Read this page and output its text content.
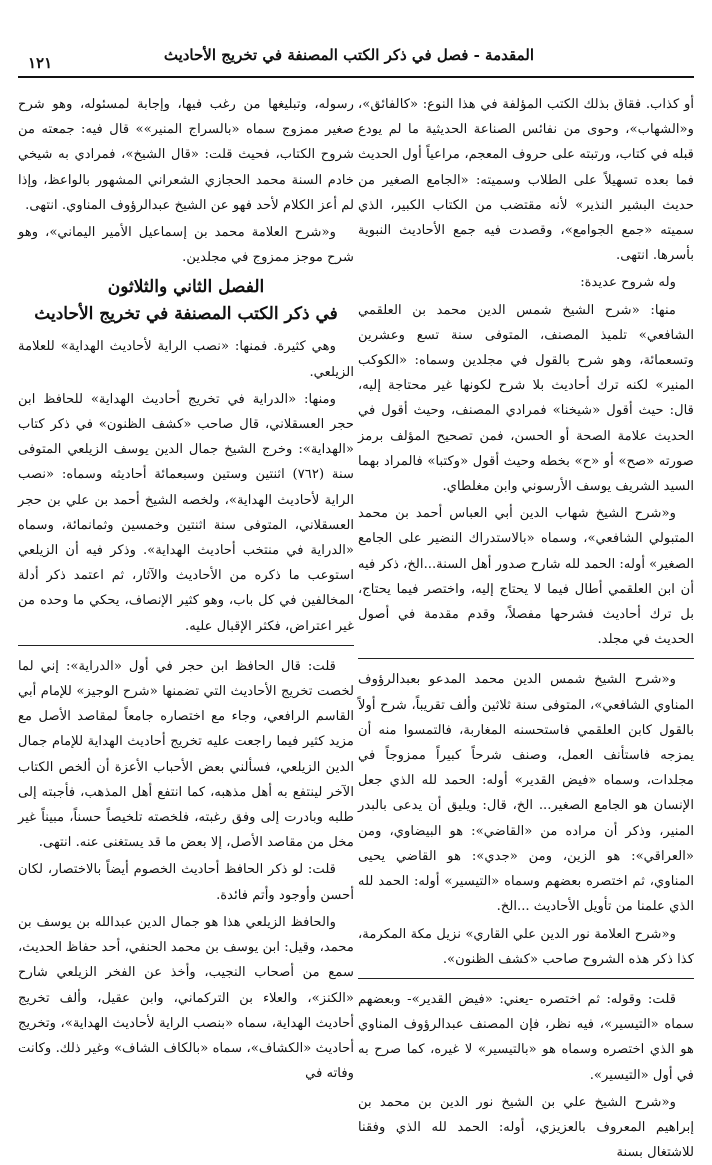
١٢١	المقدمة - فصل في ذكر الكتب المصنفة في تخريج الأحاديث

أو كذاب. فقاق بذلك الكتب المؤلفة في هذا النوع: «كالفائق»، و«الشهاب»، وحوى من نفائس الصناعة الحديثية ما لم يودع قبله في كتاب، ورتبته على حروف المعجم، مراعياً أول الحديث فما بعده تسهيلاً على الطلاب وسميته: «الجامع الصغير من حديث البشير النذير» لأنه مقتضب من الكتاب الكبير، الذي سميته «جمع الجوامع»، وقصدت فيه جمع الأحاديث النبوية بأسرها. انتهى.

وله شروح عديدة:

منها: «شرح الشيخ شمس الدين محمد بن العلقمي الشافعي» تلميذ المصنف، المتوفى سنة تسع وعشرين وتسعمائة، وهو شرح بالقول في مجلدين وسماه: «الكوكب المنير» لكنه ترك أحاديث بلا شرح لكونها غير محتاجة إليه، قال: حيث أقول «شيخنا» فمرادي المصنف، وحيث أقول في الحديث علامة الصحة أو الحسن، فمن تصحيح المؤلف برمز صورته «صح» أو «ح» بخطه وحيث أقول «وكتبا» فالمراد بهما السيد الشريف يوسف الأرسوني وابن مغلطاي.

و«شرح الشيخ شهاب الدين أبي العباس أحمد بن محمد المتبولي الشافعي»، وسماه «بالاستدراك النضير على الجامع الصغير» أوله: الحمد لله شارح صدور أهل السنة...الخ، ذكر فيه أن ابن العلقمي أطال فيما لا يحتاج إليه، واختصر فيما يحتاج، بل ترك أحاديث فشرحها مفصلاً، وقدم مقدمة في أصول الحديث في مجلد.

و«شرح الشيخ شمس الدين محمد المدعو بعبدالرؤوف المناوي الشافعي»، المتوفى سنة ثلاثين وألف تقريباً، شرح أولاً بالقول كابن العلقمي فاستحسنه المغاربة، فالتمسوا منه أن يمزجه فاستأنف العمل، وصنف شرحاً كبيراً ممزوجاً في مجلدات، وسماه «فيض القدير» أوله: الحمد لله الذي جعل الإنسان هو الجامع الصغير... الخ، قال: ويليق أن يدعى بالبدر المنير، وذكر أن مراده من «القاضي»: هو البيضاوي، ومن «العراقي»: هو الزين، ومن «جدي»: هو القاضي يحيى المناوي، ثم اختصره بعضهم وسماه «التيسير» أوله: الحمد لله الذي علمنا من تأويل الأحاديث ...الخ.

و«شرح العلامة نور الدين علي القاري» نزيل مكة المكرمة، كذا ذكر هذه الشروح صاحب «كشف الظنون».

قلت: وقوله: ثم اختصره -يعني: «فيض القدير»- وبعضهم سماه «التيسير»، فيه نظر، فإن المصنف عبدالرؤوف المناوي هو الذي اختصره وسماه هو «بالتيسير» لا غيره، كما صرح به في أول «التيسير».

و«شرح الشيخ علي بن الشيخ نور الدين بن محمد بن إبراهيم المعروف بالعزيزي، أوله: الحمد لله الذي وفقنا للاشتغال بسنة

رسوله، وتبليغها من رغب فيها، وإجابة لمسئوله، وهو شرح صغير ممزوج سماه «بالسراج المنير»» قال فيه: جمعته من شروح الكتاب، فحيث قلت: «قال الشيخ»، فمرادي به شيخي خادم السنة محمد الحجازي الشعراني المشهور بالواعظ، وإذا لم أعز الكلام لأحد فهو عن الشيخ عبدالرؤوف المناوي. انتهى.

و«شرح العلامة محمد بن إسماعيل الأمير اليماني»، وهو شرح موجز ممزوج في مجلدين.

الفصل الثاني والثلاثون
في ذكر الكتب المصنفة في تخريج الأحاديث

وهي كثيرة. فمنها: «نصب الراية لأحاديث الهداية» للعلامة الزيلعي.

ومنها: «الدراية في تخريج أحاديث الهداية» للحافظ ابن حجر العسقلاني، قال صاحب «كشف الظنون» في ذكر كتاب «الهداية»: وخرج الشيخ جمال الدين يوسف الزيلعي المتوفى سنة (٧٦٢) اثنتين وستين وسبعمائة أحاديثه وسماه: «نصب الراية لأحاديث الهداية»، ولخصه الشيخ أحمد بن علي بن حجر العسقلاني، المتوفى سنة اثنتين وخمسين وثمانمائة، وسماه «الدراية في منتخب أحاديث الهداية». وذكر فيه أن الزيلعي استوعب ما ذكره من الأحاديث والآثار، ثم اعتمد ذكر أدلة المخالفين في كل باب، وهو كثير الإنصاف، يحكي ما وحده من غير اعتراض، فكثر الإقبال عليه.

قلت: قال الحافظ ابن حجر في أول «الدراية»: إني لما لخصت تخريج الأحاديث التي تضمنها «شرح الوجيز» للإمام أبي القاسم الرافعي، وجاء مع اختصاره جامعاً لمقاصد الأصل مع مزيد كثير فيما راجعت عليه تخريج أحاديث الهداية للإمام جمال الدين الزيلعي، فسألني بعض الأحباب الأعزة أن ألخص الكتاب الآخر لينتفع به أهل مذهبه، كما انتفع أهل المذهب، فأجبته إلى طلبه وبادرت إلى وفق رغبته، فلخصته تلخيصاً حسناً، مبيناً غير مخل من مقاصد الأصل، إلا بعض ما قد يستغنى عنه. انتهى.

قلت: لو ذكر الحافظ أحاديث الخصوم أيضاً بالاختصار، لكان أحسن وأوجود وأتم فائدة.

والحافظ الزيلعي هذا هو جمال الدين عبدالله بن يوسف بن محمد، وقيل: ابن يوسف بن محمد الحنفي، أحد حفاظ الحديث، سمع من أصحاب النجيب، وأخذ عن الفخر الزيلعي شارح «الكنز»، والعلاء بن التركماني، وابن عقيل، وألف تخريج أحاديث الهداية، سماه «بنصب الراية لأحاديث الهداية»، وتخريج أحاديث «الكشاف»، سماه «بالكاف الشاف» وغير ذلك. وكانت وفاته في
